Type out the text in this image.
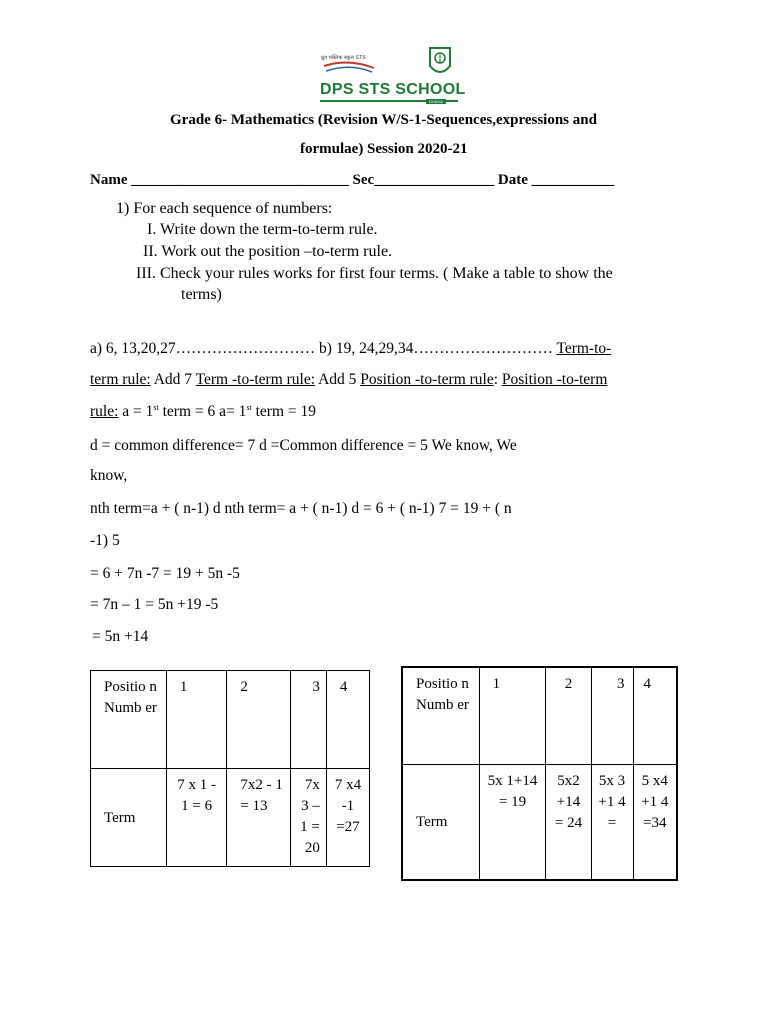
ध्रुव पब्लिक स्कूल STS
DPS STS SCHOOL
DHAKA
Grade 6- Mathematics (Revision W/S-1-Sequences,expressions and
formulae) Session 2020-21
Name _____________________________ Sec________________ Date ___________
1) For each sequence of numbers:
I. Write down the term-to-term rule.
II. Work out the position –to-term rule.
III. Check your rules works for first four terms. ( Make a table to show the
terms)
a) 6, 13,20,27……………………… b) 19, 24,29,34……………………… Term-to-
term rule: Add 7 Term -to-term rule: Add 5 Position -to-term rule: Position -to-term
rule: a = 1st term = 6 a= 1st term = 19
d = common difference= 7 d =Common difference = 5 We know, We
know,
nth term=a + ( n-1) d nth term= a + ( n-1) d = 6 + ( n-1) 7 = 19 + ( n
-1) 5
= 6 + 7n -7 = 19 + 5n -5
= 7n – 1 = 5n +19 -5
= 5n +14
Positio n Numb er	1	2	3	4
Term	7 x 1 - 1 = 6	7x2 - 1 = 13	7x 3 – 1 = 20	7 x4 -1 =27
Positio n Numb er	1	2	3	4
Term	5x 1+14 = 19	5x2 +14 = 24	5x 3 +1 4 =	5 x4 +1 4 =34
